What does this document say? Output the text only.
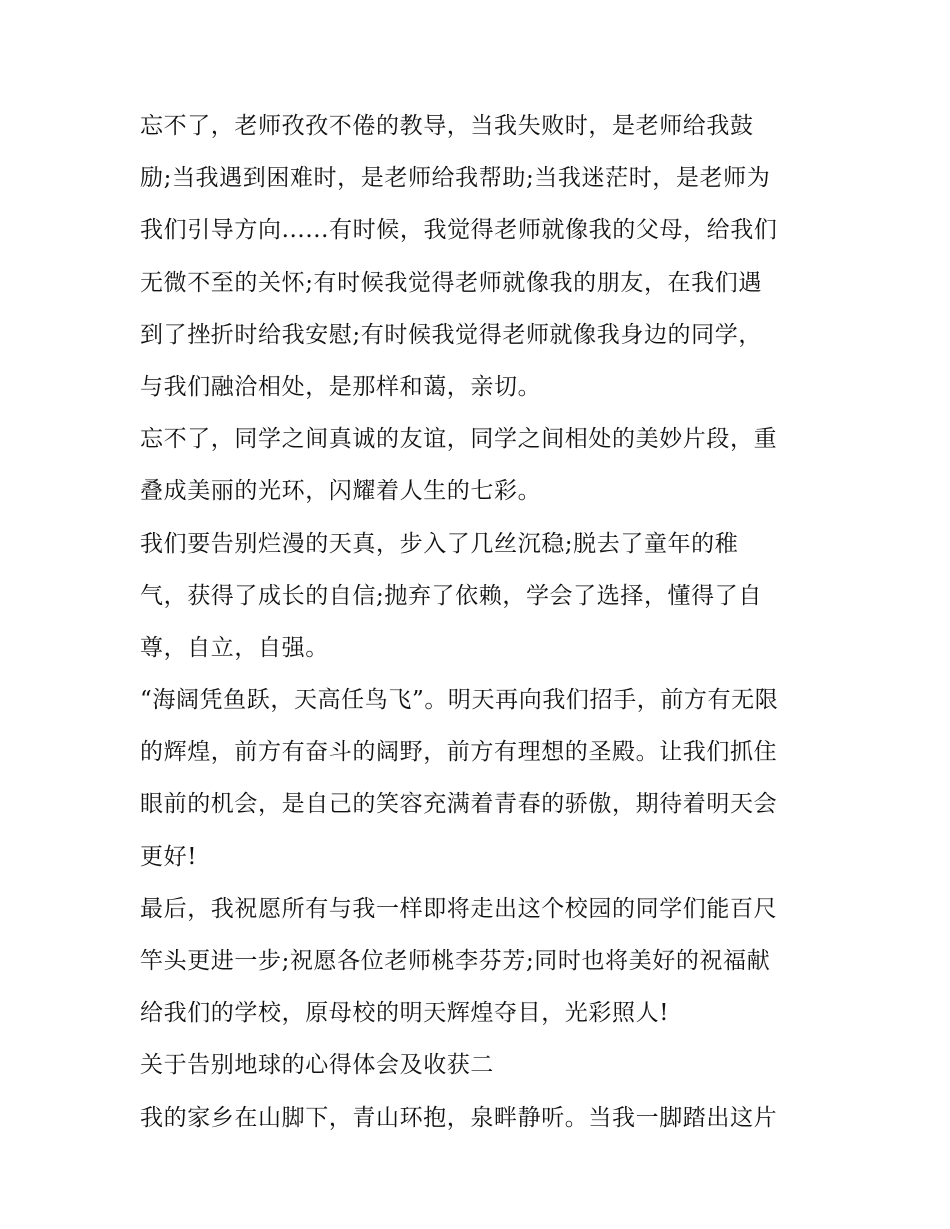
忘不了，老师孜孜不倦的教导，当我失败时，是老师给我鼓
励;当我遇到困难时，是老师给我帮助;当我迷茫时，是老师为
我们引导方向......有时候，我觉得老师就像我的父母，给我们
无微不至的关怀;有时候我觉得老师就像我的朋友，在我们遇
到了挫折时给我安慰;有时候我觉得老师就像我身边的同学，
与我们融洽相处，是那样和蔼，亲切。
忘不了，同学之间真诚的友谊，同学之间相处的美妙片段，重
叠成美丽的光环，闪耀着人生的七彩。
我们要告别烂漫的天真，步入了几丝沉稳;脱去了童年的稚
气，获得了成长的自信;抛弃了依赖，学会了选择，懂得了自
尊，自立，自强。
“海阔凭鱼跃，天高任鸟飞”。明天再向我们招手，前方有无限
的辉煌，前方有奋斗的阔野，前方有理想的圣殿。让我们抓住
眼前的机会，是自己的笑容充满着青春的骄傲，期待着明天会
更好!
最后，我祝愿所有与我一样即将走出这个校园的同学们能百尺
竿头更进一步;祝愿各位老师桃李芬芳;同时也将美好的祝福献
给我们的学校，原母校的明天辉煌夺目，光彩照人!
关于告别地球的心得体会及收获二
我的家乡在山脚下，青山环抱，泉畔静听。当我一脚踏出这片
